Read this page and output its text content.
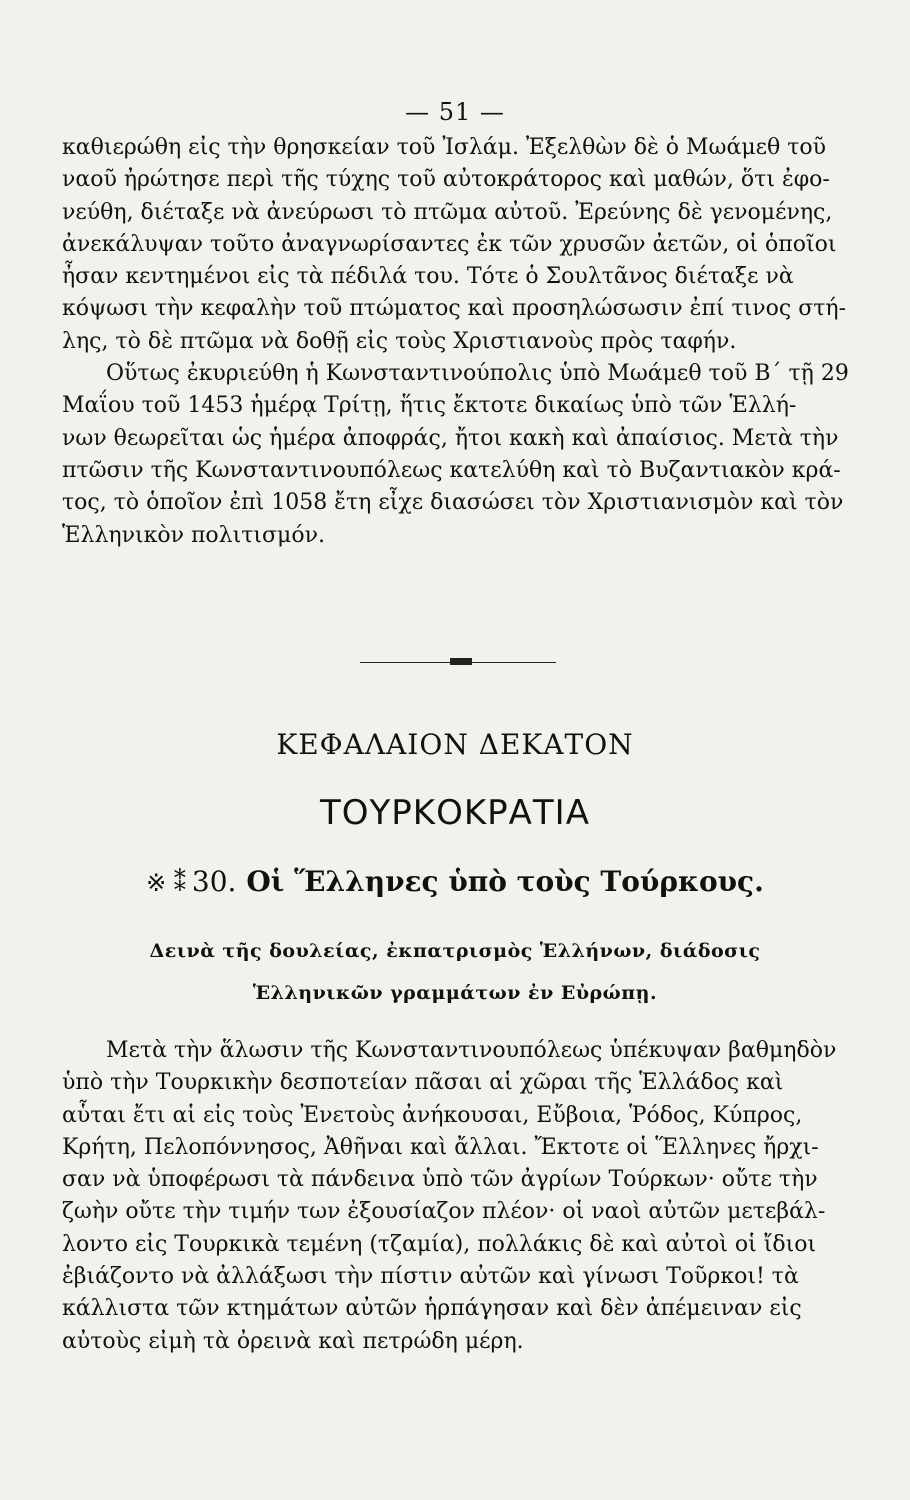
— 51 —
καθιερώθη εἰς τὴν θρησκείαν τοῦ Ἰσλάμ. Ἐξελθὼν δὲ ὁ Μωάμεθ τοῦ
ναοῦ ἠρώτησε περὶ τῆς τύχης τοῦ αὐτοκράτορος καὶ μαθών, ὅτι ἐφο-
νεύθη, διέταξε νὰ ἀνεύρωσι τὸ πτῶμα αὐτοῦ. Ἐρεύνης δὲ γενομένης,
ἀνεκάλυψαν τοῦτο ἀναγνωρίσαντες ἐκ τῶν χρυσῶν ἀετῶν, οἱ ὁποῖοι
ἦσαν κεντημένοι εἰς τὰ πέδιλά του. Τότε ὁ Σουλτᾶνος διέταξε νὰ
κόψωσι τὴν κεφαλὴν τοῦ πτώματος καὶ προσηλώσωσιν ἐπί τινος στή-
λης, τὸ δὲ πτῶμα νὰ δοθῇ εἰς τοὺς Χριστιανοὺς πρὸς ταφήν.
Οὕτως ἐκυριεύθη ἡ Κωνσταντινούπολις ὑπὸ Μωάμεθ τοῦ Β΄ τῇ 29
Μαΐου τοῦ 1453 ἡμέρᾳ Τρίτῃ, ἥτις ἔκτοτε δικαίως ὑπὸ τῶν Ἑλλή-
νων θεωρεῖται ὡς ἡμέρα ἀποφράς, ἤτοι κακὴ καὶ ἀπαίσιος. Μετὰ τὴν
πτῶσιν τῆς Κωνσταντινουπόλεως κατελύθη καὶ τὸ Βυζαντιακὸν κρά-
τος, τὸ ὁποῖον ἐπὶ 1058 ἔτη εἶχε διασώσει τὸν Χριστιανισμὸν καὶ τὸν
Ἑλληνικὸν πολιτισμόν.
ΚΕΦΑΛΑΙΟΝ ΔΕΚΑΤΟΝ
ΤΟΥΡΚΟΚΡΑΤΙΑ
※ ⁑ 30. Οἱ Ἕλληνες ὑπὸ τοὺς Τούρκους.
Δεινὰ τῆς δουλείας, ἐκπατρισμὸς Ἑλλήνων, διάδοσις
Ἑλληνικῶν γραμμάτων ἐν Εὐρώπῃ.
Μετὰ τὴν ἅλωσιν τῆς Κωνσταντινουπόλεως ὑπέκυψαν βαθμηδὸν
ὑπὸ τὴν Τουρκικὴν δεσποτείαν πᾶσαι αἱ χῶραι τῆς Ἑλλάδος καὶ
αὗται ἔτι αἱ εἰς τοὺς Ἐνετοὺς ἀνήκουσαι, Εὔβοια, Ῥόδος, Κύπρος,
Κρήτη, Πελοπόννησος, Ἀθῆναι καὶ ἄλλαι. Ἔκτοτε οἱ Ἕλληνες ἤρχι-
σαν νὰ ὑποφέρωσι τὰ πάνδεινα ὑπὸ τῶν ἀγρίων Τούρκων· οὔτε τὴν
ζωὴν οὔτε τὴν τιμήν των ἐξουσίαζον πλέον· οἱ ναοὶ αὐτῶν μετεβάλ-
λοντο εἰς Τουρκικὰ τεμένη (τζαμία), πολλάκις δὲ καὶ αὐτοὶ οἱ ἴδιοι
ἐβιάζοντο νὰ ἀλλάξωσι τὴν πίστιν αὐτῶν καὶ γίνωσι Τοῦρκοι! τὰ
κάλλιστα τῶν κτημάτων αὐτῶν ἡρπάγησαν καὶ δὲν ἀπέμειναν εἰς
αὐτοὺς εἰμὴ τὰ ὀρεινὰ καὶ πετρώδη μέρη.
